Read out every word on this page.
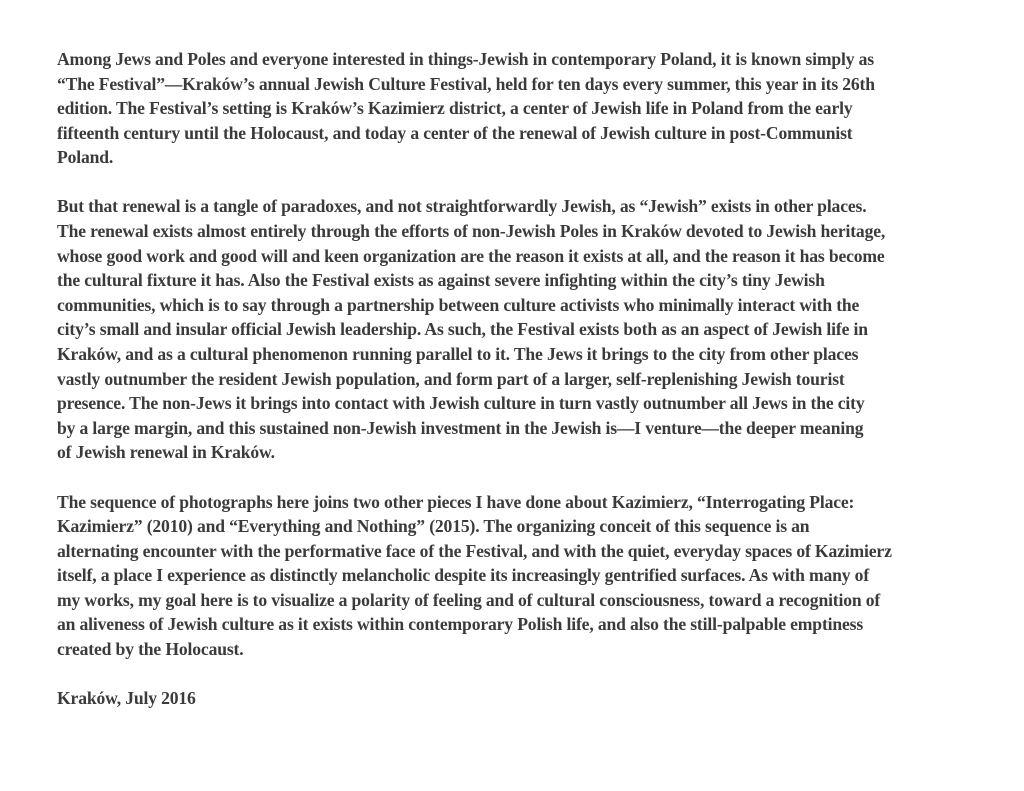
Among Jews and Poles and everyone interested in things-Jewish in contemporary Poland, it is known simply as
“The Festival”––Kraków’s annual Jewish Culture Festival, held for ten days every summer, this year in its 26th
edition. The Festival’s setting is Kraków’s Kazimierz district, a center of Jewish life in Poland from the early
fifteenth century until the Holocaust, and today a center of the renewal of Jewish culture in post-Communist
Poland.
But that renewal is a tangle of paradoxes, and not straightforwardly Jewish, as “Jewish” exists in other places.
The renewal exists almost entirely through the efforts of non-Jewish Poles in Kraków devoted to Jewish heritage,
whose good work and good will and keen organization are the reason it exists at all, and the reason it has become
the cultural fixture it has. Also the Festival exists as against severe infighting within the city’s tiny Jewish
communities, which is to say through a partnership between culture activists who minimally interact with the
city’s small and insular official Jewish leadership. As such, the Festival exists both as an aspect of Jewish life in
Kraków, and as a cultural phenomenon running parallel to it. The Jews it brings to the city from other places
vastly outnumber the resident Jewish population, and form part of a larger, self-replenishing Jewish tourist
presence. The non-Jews it brings into contact with Jewish culture in turn vastly outnumber all Jews in the city
by a large margin, and this sustained non-Jewish investment in the Jewish is––I venture––the deeper meaning
of Jewish renewal in Kraków.
The sequence of photographs here joins two other pieces I have done about Kazimierz, “Interrogating Place:
Kazimierz” (2010) and “Everything and Nothing” (2015). The organizing conceit of this sequence is an
alternating encounter with the performative face of the Festival, and with the quiet, everyday spaces of Kazimierz
itself, a place I experience as distinctly melancholic despite its increasingly gentrified surfaces. As with many of
my works, my goal here is to visualize a polarity of feeling and of cultural consciousness, toward a recognition of
an aliveness of Jewish culture as it exists within contemporary Polish life, and also the still-palpable emptiness
created by the Holocaust.
Kraków, July 2016
